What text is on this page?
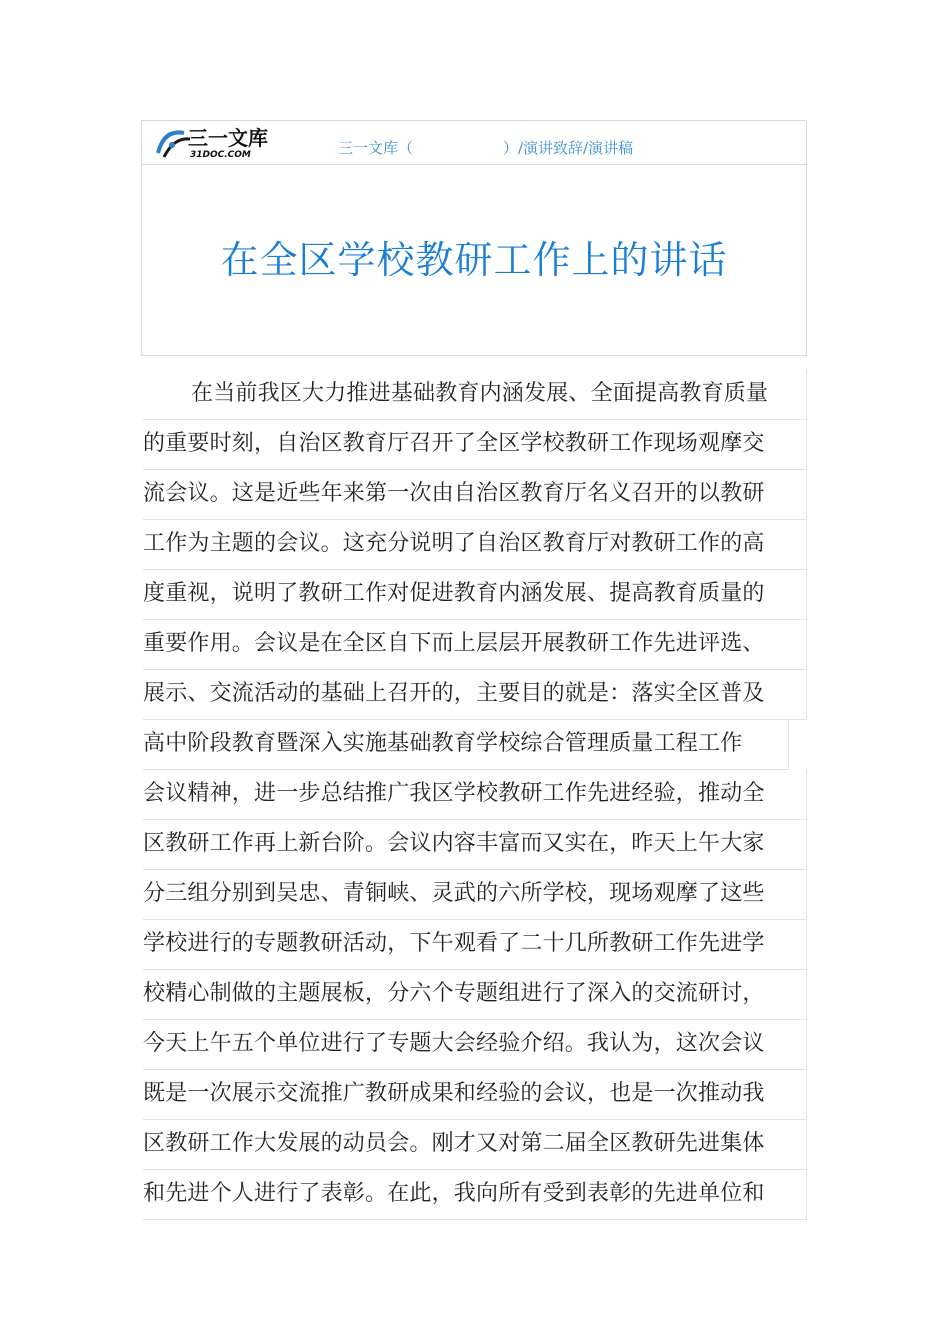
三一文库
31DOC.COM	三一文库（　　　　　　）/演讲致辞/演讲稿
在全区学校教研工作上的讲话
在当前我区大力推进基础教育内涵发展、全面提高教育质量
的重要时刻，自治区教育厅召开了全区学校教研工作现场观摩交
流会议。这是近些年来第一次由自治区教育厅名义召开的以教研
工作为主题的会议。这充分说明了自治区教育厅对教研工作的高
度重视，说明了教研工作对促进教育内涵发展、提高教育质量的
重要作用。会议是在全区自下而上层层开展教研工作先进评选、
展示、交流活动的基础上召开的，主要目的就是：落实全区普及
高中阶段教育暨深入实施基础教育学校综合管理质量工程工作
会议精神，进一步总结推广我区学校教研工作先进经验，推动全
区教研工作再上新台阶。会议内容丰富而又实在，昨天上午大家
分三组分别到吴忠、青铜峡、灵武的六所学校，现场观摩了这些
学校进行的专题教研活动，下午观看了二十几所教研工作先进学
校精心制做的主题展板，分六个专题组进行了深入的交流研讨，
今天上午五个单位进行了专题大会经验介绍。我认为，这次会议
既是一次展示交流推广教研成果和经验的会议，也是一次推动我
区教研工作大发展的动员会。刚才又对第二届全区教研先进集体
和先进个人进行了表彰。在此，我向所有受到表彰的先进单位和
